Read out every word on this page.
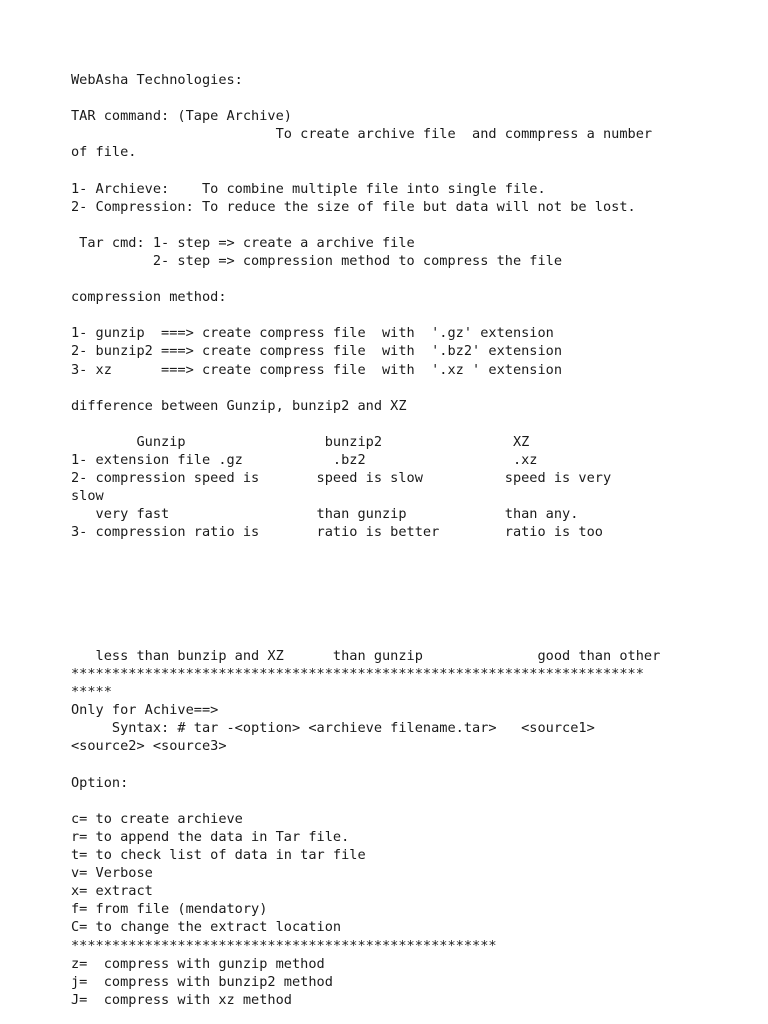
WebAsha Technologies:

TAR command: (Tape Archive)
To create archive file  and commpress a number
of file.

1- Archieve:    To combine multiple file into single file.
2- Compression: To reduce the size of file but data will not be lost.

Tar cmd: 1- step => create a archive file
2- step => compression method to compress the file

compression method:

1- gunzip  ===> create compress file  with  '.gz' extension
2- bunzip2 ===> create compress file  with  '.bz2' extension
3- xz      ===> create compress file  with  '.xz ' extension

difference between Gunzip, bunzip2 and XZ

Gunzip                 bunzip2                XZ
1- extension file .gz           .bz2                  .xz
2- compression speed is       speed is slow          speed is very
slow
very fast                  than gunzip            than any.
3- compression ratio is       ratio is better        ratio is too
less than bunzip and XZ      than gunzip              good than other
**********************************************************************
*****
Only for Achive==>
Syntax: # tar -<option> <archieve filename.tar>   <source1>
<source2> <source3>

Option:

c= to create archieve
r= to append the data in Tar file.
t= to check list of data in tar file
v= Verbose
x= extract
f= from file (mendatory)
C= to change the extract location
****************************************************
z=  compress with gunzip method
j=  compress with bunzip2 method
J=  compress with xz method
